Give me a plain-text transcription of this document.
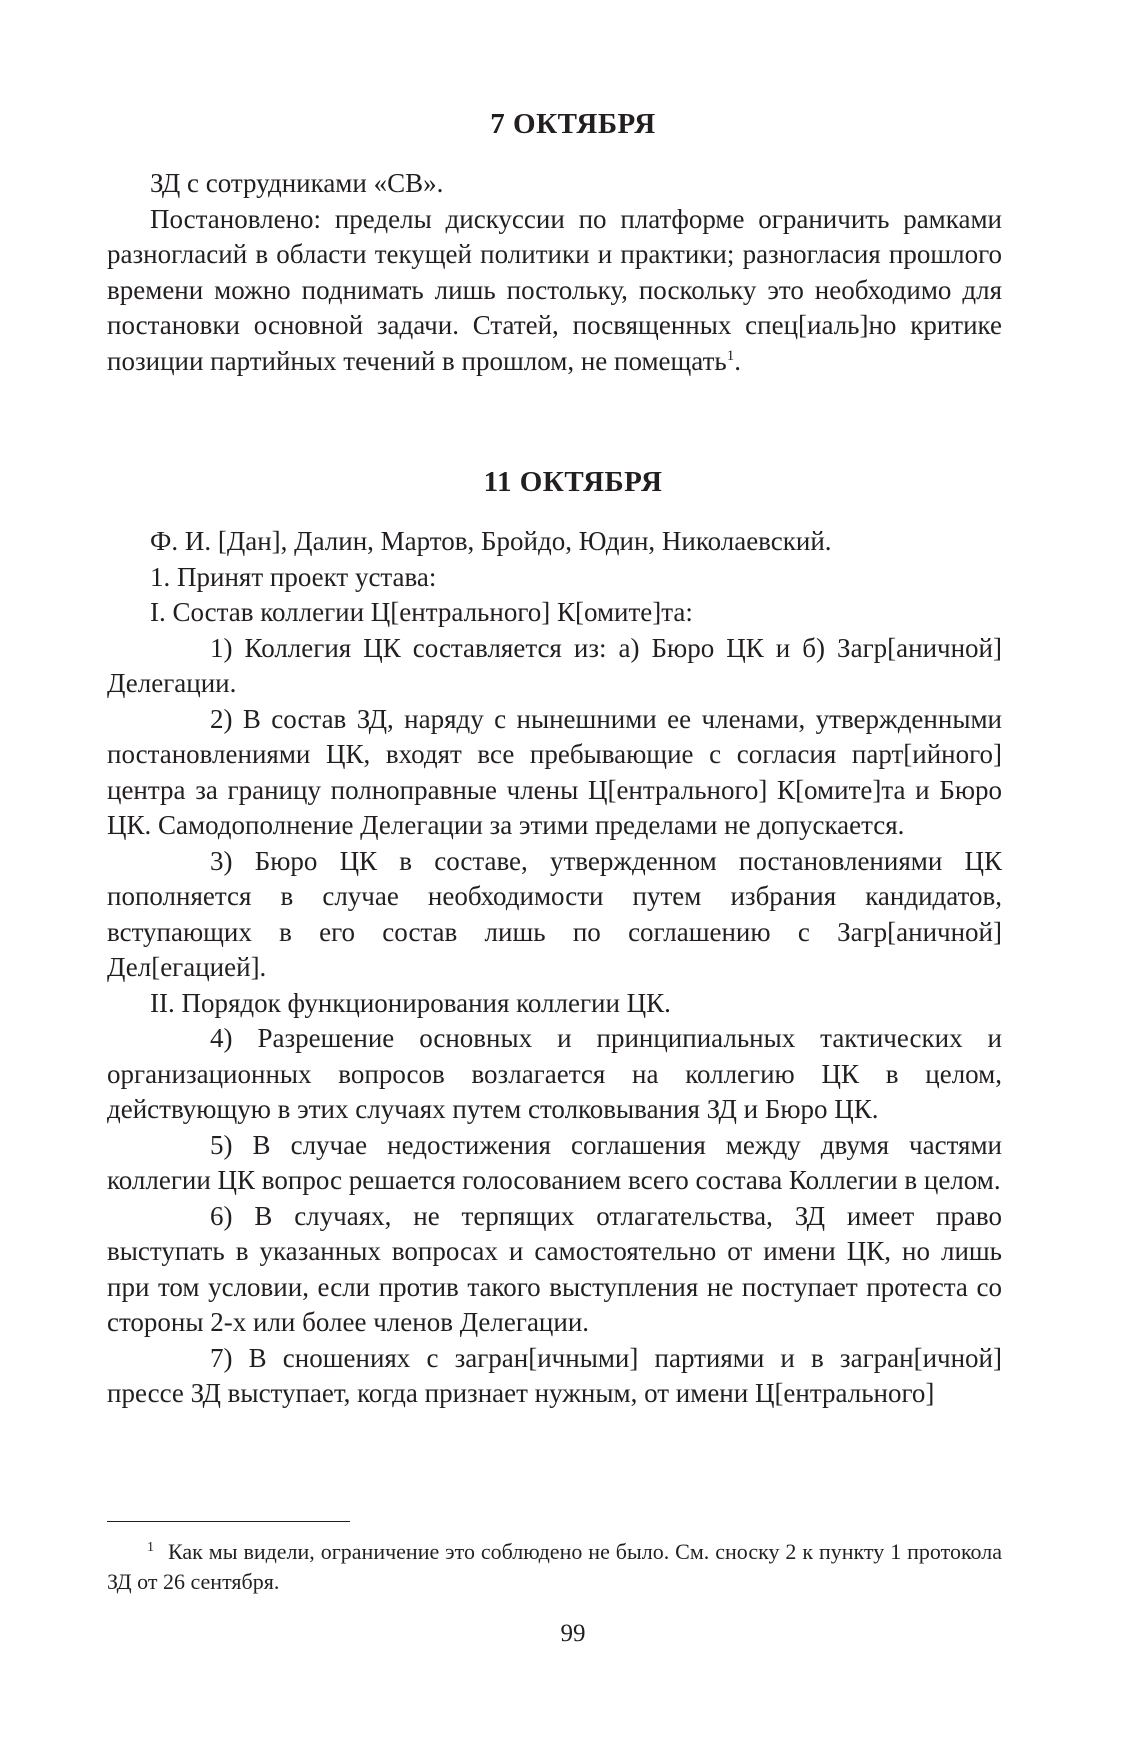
7 ОКТЯБРЯ

ЗД с сотрудниками «СВ».

Постановлено: пределы дискуссии по платформе ограничить рамками разногласий в области текущей политики и практики; разногласия прошлого времени можно поднимать лишь постольку, поскольку это необходимо для постановки основной задачи. Статей, посвященных спец[иаль]но критике позиции партийных течений в прошлом, не помещать$^1$.

11 ОКТЯБРЯ

Ф. И. [Дан], Далин, Мартов, Бройдо, Юдин, Николаевский.

1. Принят проект устава:

I. Состав коллегии Ц[ентрального] К[омите]та:

1) Коллегия ЦК составляется из: а) Бюро ЦК и б) Загр[аничной] Делегации.

2) В состав ЗД, наряду с нынешними ее членами, утвержденными постановлениями ЦК, входят все пребывающие с согласия парт[ийного] центра за границу полноправные члены Ц[ентрального] К[омите]та и Бюро ЦК. Самодополнение Делегации за этими пределами не допускается.

3) Бюро ЦК в составе, утвержденном постановлениями ЦК пополняется в случае необходимости путем избрания кандидатов, вступающих в его состав лишь по соглашению с Загр[аничной] Дел[егацией].

II. Порядок функционирования коллегии ЦК.

4) Разрешение основных и принципиальных тактических и организационных вопросов возлагается на коллегию ЦК в целом, действующую в этих случаях путем столковывания ЗД и Бюро ЦК.

5) В случае недостижения соглашения между двумя частями коллегии ЦК вопрос решается голосованием всего состава Коллегии в целом.

6) В случаях, не терпящих отлагательства, ЗД имеет право выступать в указанных вопросах и самостоятельно от имени ЦК, но лишь при том условии, если против такого выступления не поступает протеста со стороны 2-х или более членов Делегации.

7) В сношениях с загран[ичными] партиями и в загран[ичной] прессе ЗД выступает, когда признает нужным, от имени Ц[ентрального]

$^1$ Как мы видели, ограничение это соблюдено не было. См. сноску 2 к пункту 1 протокола ЗД от 26 сентября.
99
